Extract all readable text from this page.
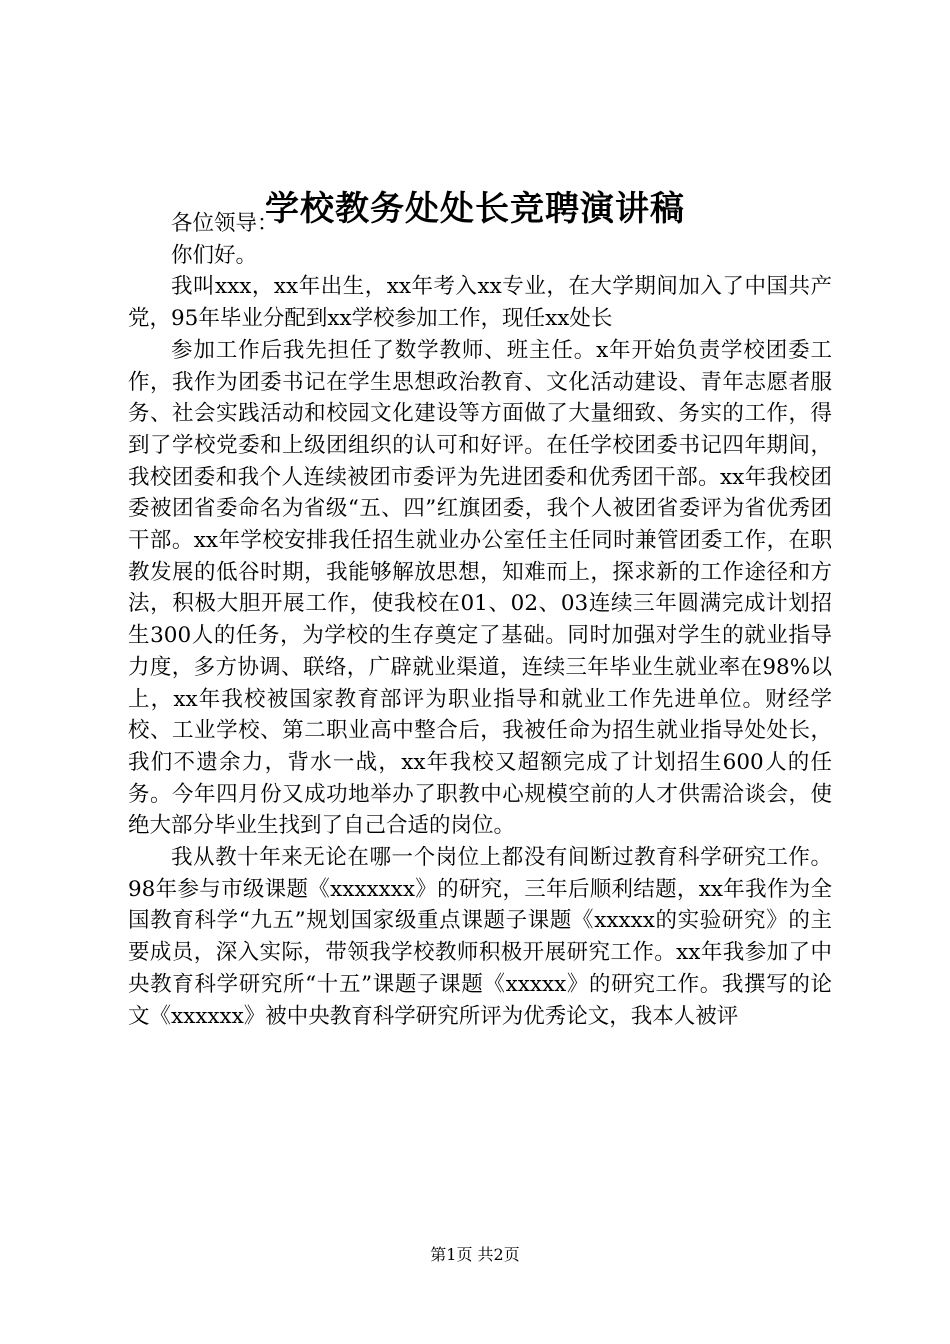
学校教务处处长竞聘演讲稿

各位领导：

你们好。

我叫xxx，xx年出生，xx年考入xx专业，在大学期间加入了中国共产党，95年毕业分配到xx学校参加工作，现任xx处长

参加工作后我先担任了数学教师、班主任。x年开始负责学校团委工作，我作为团委书记在学生思想政治教育、文化活动建设、青年志愿者服务、社会实践活动和校园文化建设等方面做了大量细致、务实的工作，得到了学校党委和上级团组织的认可和好评。在任学校团委书记四年期间，我校团委和我个人连续被团市委评为先进团委和优秀团干部。xx年我校团委被团省委命名为省级“五、四”红旗团委，我个人被团省委评为省优秀团干部。xx年学校安排我任招生就业办公室任主任同时兼管团委工作，在职教发展的低谷时期，我能够解放思想，知难而上，探求新的工作途径和方法，积极大胆开展工作，使我校在01、02、03连续三年圆满完成计划招生300人的任务，为学校的生存奠定了基础。同时加强对学生的就业指导力度，多方协调、联络，广辟就业渠道，连续三年毕业生就业率在98%以上，xx年我校被国家教育部评为职业指导和就业工作先进单位。财经学校、工业学校、第二职业高中整合后，我被任命为招生就业指导处处长，我们不遗余力，背水一战，xx年我校又超额完成了计划招生600人的任务。今年四月份又成功地举办了职教中心规模空前的人才供需洽谈会，使绝大部分毕业生找到了自己合适的岗位。

我从教十年来无论在哪一个岗位上都没有间断过教育科学研究工作。98年参与市级课题《xxxxxxx》的研究，三年后顺利结题，xx年我作为全国教育科学“九五”规划国家级重点课题子课题《xxxxx的实验研究》的主要成员，深入实际，带领我学校教师积极开展研究工作。xx年我参加了中央教育科学研究所“十五”课题子课题《xxxxx》的研究工作。我撰写的论文《xxxxxx》被中央教育科学研究所评为优秀论文，我本人被评

第1页 共2页
